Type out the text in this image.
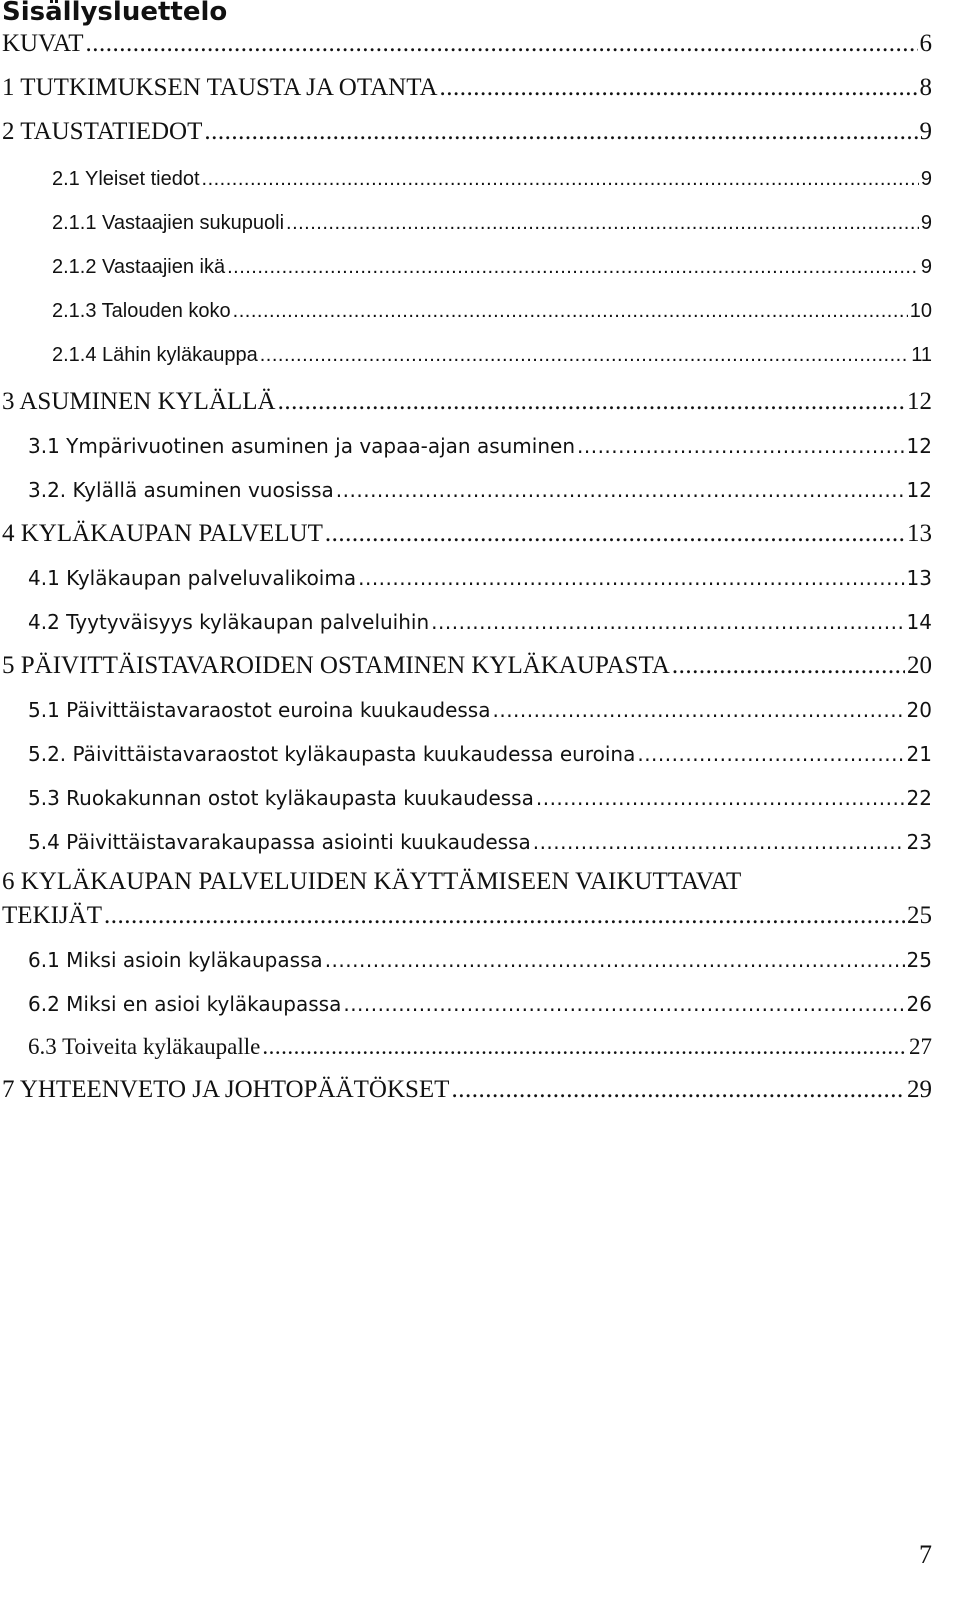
Sisällysluettelo
KUVAT .....	6
1 TUTKIMUKSEN TAUSTA JA OTANTA .....	8
2 TAUSTATIEDOT .....	9
2.1 Yleiset tiedot .....	9
2.1.1 Vastaajien sukupuoli .....	9
2.1.2 Vastaajien ikä .....	9
2.1.3 Talouden koko .....	10
2.1.4 Lähin kyläkauppa .....	11
3 ASUMINEN KYLÄLLÄ .....	12
3.1 Ympärivuotinen asuminen ja vapaa-ajan asuminen .....	12
3.2. Kylällä asuminen vuosissa .....	12
4 KYLÄKAUPAN PALVELUT .....	13
4.1 Kyläkaupan palveluvalikoima .....	13
4.2 Tyytyväisyys kyläkaupan palveluihin .....	14
5 PÄIVITTÄISTAVAROIDEN OSTAMINEN KYLÄKAUPASTA .....	20
5.1 Päivittäistavaraostot euroina kuukaudessa .....	20
5.2. Päivittäistavaraostot kyläkaupasta kuukaudessa euroina .....	21
5.3 Ruokakunnan ostot kyläkaupasta kuukaudessa .....	22
5.4 Päivittäistavarakaupassa asiointi kuukaudessa .....	23
6 KYLÄKAUPAN PALVELUIDEN KÄYTTÄMISEEN VAIKUTTAVAT
TEKIJÄT .....	25
6.1 Miksi asioin kyläkaupassa .....	25
6.2 Miksi en asioi kyläkaupassa .....	26
6.3 Toiveita kyläkaupalle .....	27
7 YHTEENVETO JA JOHTOPÄÄTÖKSET .....	29
7
